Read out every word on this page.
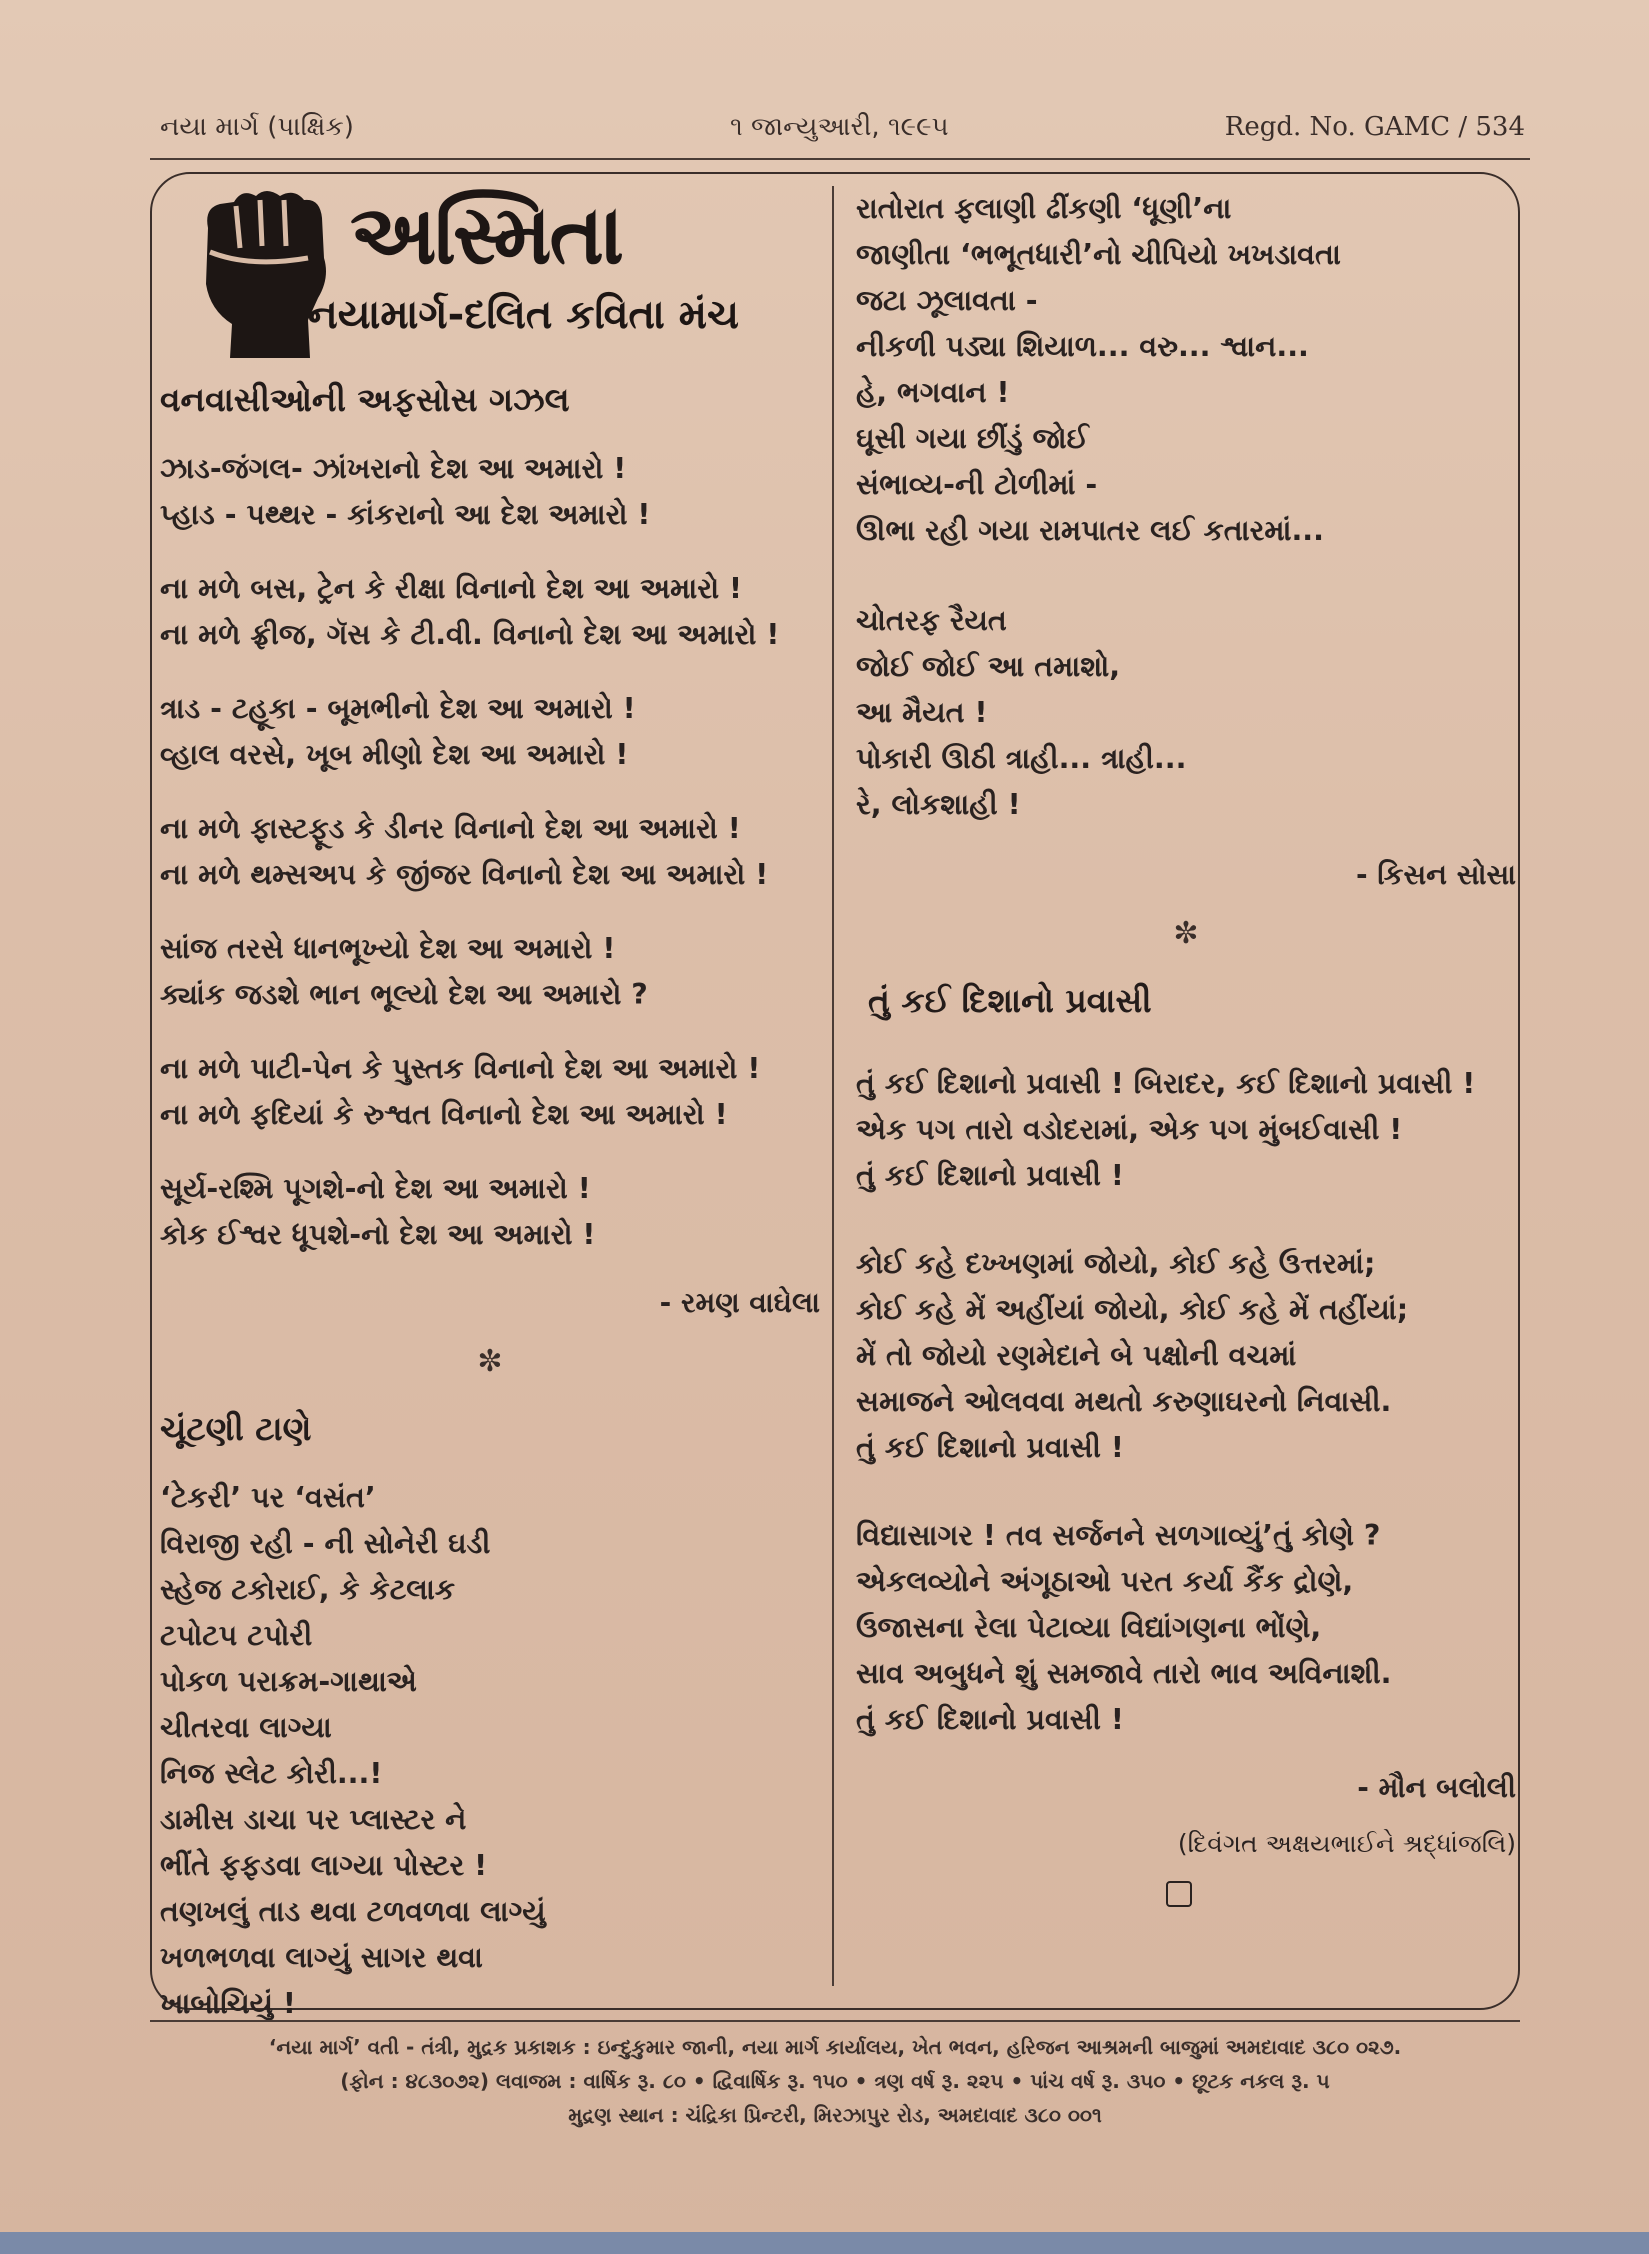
નયા માર્ગ (પાક્ષિક)	૧ જાન્યુઆરી, ૧૯૯૫	Regd. No. GAMC / 534
અસ્મિતા
નયામાર્ગ-દલિત કવિતા મંચ
વનવાસીઓની અફસોસ ગઝલ
ઝાડ-જંગલ- ઝાંખરાનો દેશ આ અમારો !
પ્હાડ - પથ્થર - કાંકરાનો આ દેશ અમારો !
ના મળે બસ, ટ્રેન કે રીક્ષા વિનાનો દેશ આ અમારો !
ના મળે ફ્રીજ, ગૅસ કે ટી.વી. વિનાનો દેશ આ અમારો !
ત્રાડ - ટહૂકા - બૂમભીનો દેશ આ અમારો !
વ્હાલ વરસે, ખૂબ મીણો દેશ આ અમારો !
ના મળે ફાસ્ટફૂડ કે ડીનર વિનાનો દેશ આ અમારો !
ના મળે થમ્સઅપ કે જીંજર વિનાનો દેશ આ અમારો !
સાંજ તરસે ધાનભૂખ્યો દેશ આ અમારો !
ક્યાંક જડશે ભાન ભૂલ્યો દેશ આ અમારો ?
ના મળે પાટી-પેન કે પુસ્તક વિનાનો દેશ આ અમારો !
ના મળે ફદિયાં કે રુશ્વત વિનાનો દેશ આ અમારો !
સૂર્ય-રશ્મિ પૂગશે-નો દેશ આ અમારો !
કોક ઈશ્વર ધૂપશે-નો દેશ આ અમારો !
- રમણ વાઘેલા
✼
ચૂંટણી ટાણે
‘ટેકરી’ પર ‘વસંત’
વિરાજી રહી - ની સોનેરી ઘડી
સ્હેજ ટકોરાઈ, કે કેટલાક
ટપોટપ ટપોરી
પોકળ પરાક્રમ-ગાથાએ
ચીતરવા લાગ્યા
નિજ સ્લેટ કોરી...!
ડામીસ ડાચા પર પ્લાસ્ટર ને
ભીંતે ફફડવા લાગ્યા પોસ્ટર !
તણખલું તાડ થવા ટળવળવા લાગ્યું
ખળભળવા લાગ્યું સાગર થવા
ખાબોચિયું !
રાતોરાત ફલાણી ઢીંકણી ‘ધૂણી’ના
જાણીતા ‘ભભૂતધારી’નો ચીપિયો ખખડાવતા
જટા ઝૂલાવતા -
નીકળી પડ્યા શિયાળ... વરુ... શ્વાન...
હે, ભગવાન !
ઘૂસી ગયા છીંડું જોઈ
સંભાવ્ય-ની ટોળીમાં -
ઊભા રહી ગયા રામપાતર લઈ કતારમાં...
ચોતરફ રૈયત
જોઈ જોઈ આ તમાશો,
આ મૈયત !
પોકારી ઊઠી ત્રાહી... ત્રાહી...
રે, લોકશાહી !
- કિસન સોસા
✼
તું કઈ દિશાનો પ્રવાસી
તું કઈ દિશાનો પ્રવાસી ! બિરાદર, કઈ દિશાનો પ્રવાસી !
એક પગ તારો વડોદરામાં, એક પગ મુંબઈવાસી !
તું કઈ દિશાનો પ્રવાસી !
કોઈ કહે દખ્ખણમાં જોયો, કોઈ કહે ઉત્તરમાં;
કોઈ કહે મેં અહીંયાં જોયો, કોઈ કહે મેં તહીંયાં;
મેં તો જોયો રણમેદાને બે પક્ષોની વચમાં
સમાજને ઓલવવા મથતો કરુણાઘરનો નિવાસી.
તું કઈ દિશાનો પ્રવાસી !
વિદ્યાસાગર ! તવ સર્જનને સળગાવ્યું’તું કોણે ?
એકલવ્યોને અંગૂઠાઓ પરત કર્યા કૈંક દ્રોણે,
ઉજાસના રેલા પેટાવ્યા વિદ્યાંગણના ભોંણે,
સાવ અબુધને શું સમજાવે તારો ભાવ અવિનાશી.
તું કઈ દિશાનો પ્રવાસી !
- મૌન બલોલી
(દિવંગત અક્ષયભાઈને શ્રદ્ધાંજલિ)
‘નયા માર્ગ’ વતી - તંત્રી, મુદ્રક પ્રકાશક : ઇન્દુકુમાર જાની, નયા માર્ગ કાર્યાલય, ખેત ભવન, હરિજન આશ્રમની બાજુમાં અમદાવાદ ૩૮૦ ૦૨૭.
(ફોન : ૪૮૩૦૭૨) લવાજમ : વાર્ષિક રૂ. ૮૦ • દ્વિવાર્ષિક રૂ. ૧૫૦ • ત્રણ વર્ષ રૂ. ૨૨૫ • પાંચ વર્ષ રૂ. ૩૫૦ • છૂટક નકલ રૂ. ૫
મુદ્રણ સ્થાન : ચંદ્રિકા પ્રિન્ટરી, મિરઝાપુર રોડ, અમદાવાદ ૩૮૦ ૦૦૧
